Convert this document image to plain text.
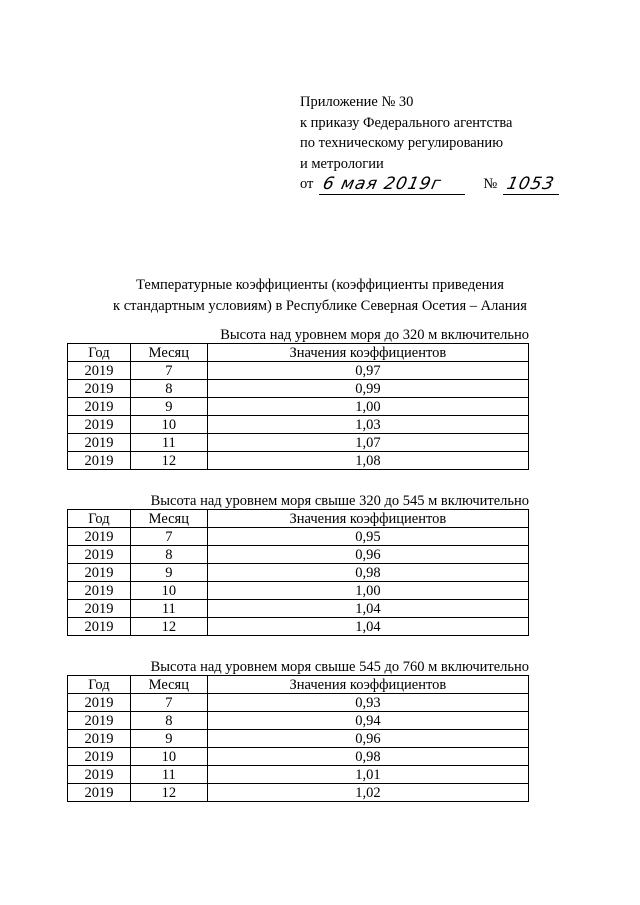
Приложение № 30
к приказу Федерального агентства
по техническому регулированию
и метрологии
от 6 мая 2019г	№ 1053
Температурные коэффициенты (коэффициенты приведения
к стандартным условиям) в Республике Северная Осетия – Алания
Высота над уровнем моря до 320 м включительно
Год	Месяц	Значения коэффициентов
2019	7	0,97
2019	8	0,99
2019	9	1,00
2019	10	1,03
2019	11	1,07
2019	12	1,08
Высота над уровнем моря свыше 320 до 545 м включительно
Год	Месяц	Значения коэффициентов
2019	7	0,95
2019	8	0,96
2019	9	0,98
2019	10	1,00
2019	11	1,04
2019	12	1,04
Высота над уровнем моря свыше 545 до 760 м включительно
Год	Месяц	Значения коэффициентов
2019	7	0,93
2019	8	0,94
2019	9	0,96
2019	10	0,98
2019	11	1,01
2019	12	1,02
